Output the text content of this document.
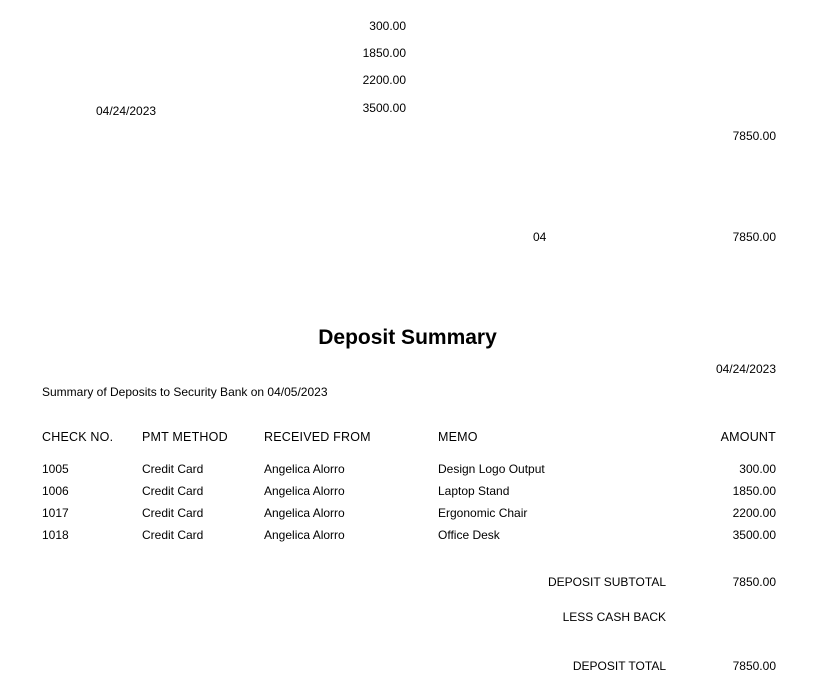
300.00
1850.00
2200.00
3500.00
04/24/2023
7850.00
04	7850.00
Deposit Summary
04/24/2023
Summary of Deposits to Security Bank on 04/05/2023
CHECK NO.	PMT METHOD	RECEIVED FROM	MEMO	AMOUNT
1005	Credit Card	Angelica Alorro	Design Logo Output	300.00
1006	Credit Card	Angelica Alorro	Laptop Stand	1850.00
1017	Credit Card	Angelica Alorro	Ergonomic Chair	2200.00
1018	Credit Card	Angelica Alorro	Office Desk	3500.00
DEPOSIT SUBTOTAL	7850.00
LESS CASH BACK
DEPOSIT TOTAL	7850.00
